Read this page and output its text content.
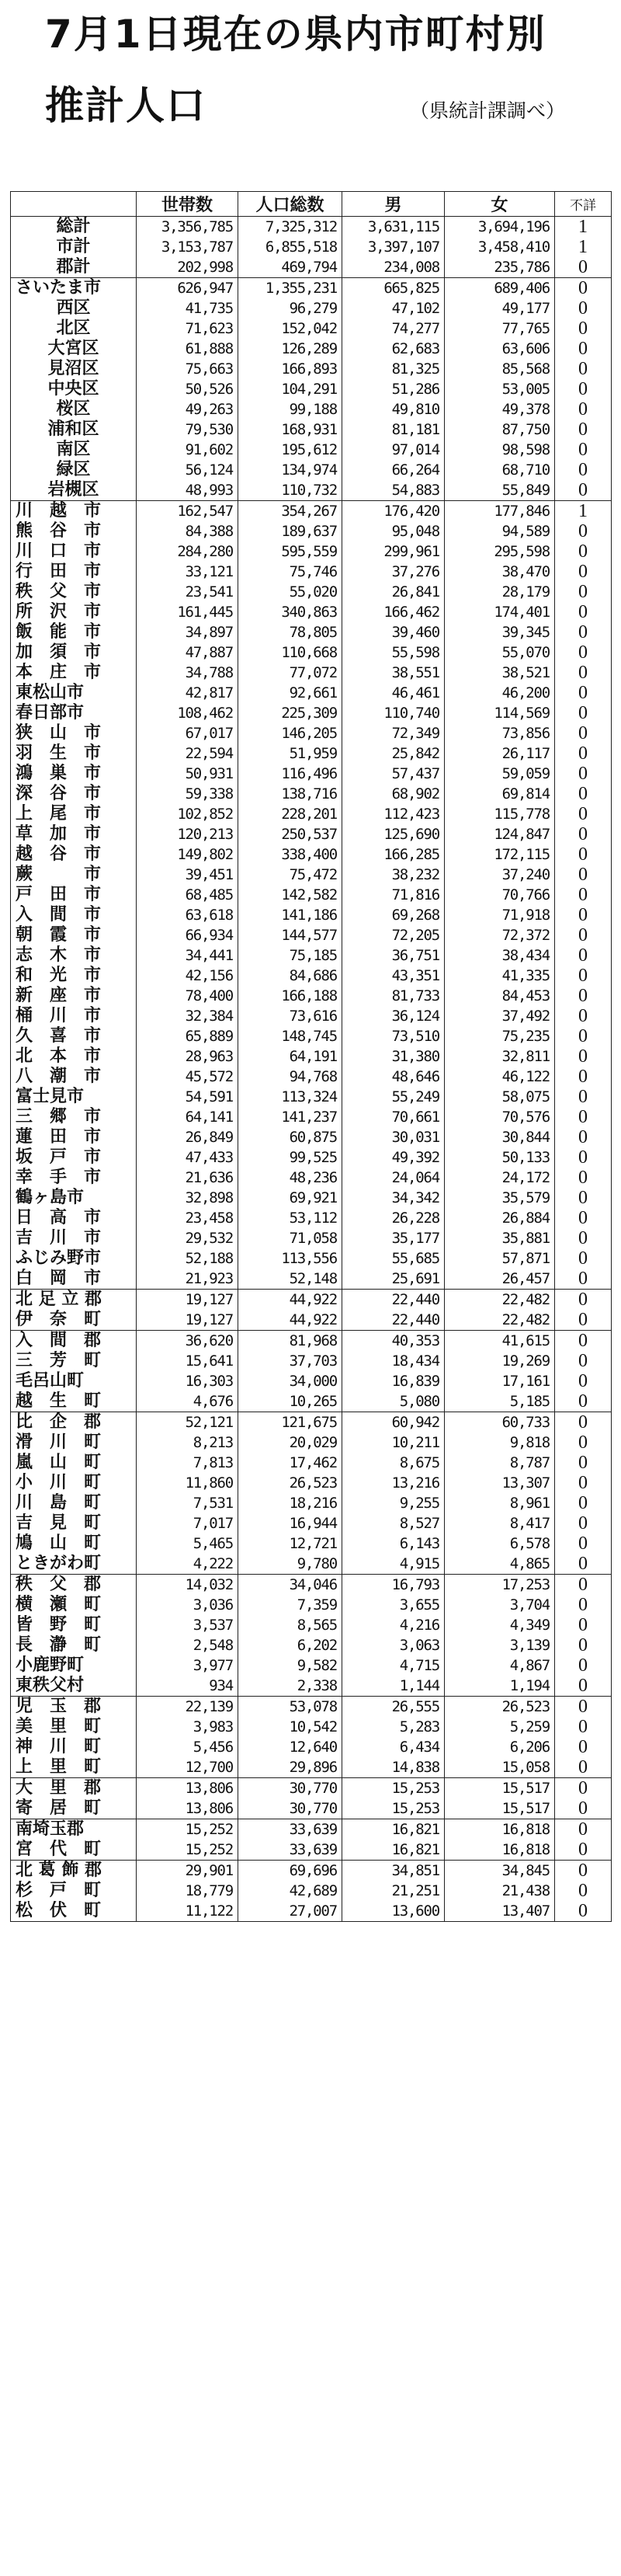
7月1日現在の県内市町村別
推計人口	（県統計課調べ）
	世帯数	人口総数	男	女	不詳
総計	3,356,785	7,325,312	3,631,115	3,694,196	1
市計	3,153,787	6,855,518	3,397,107	3,458,410	1
郡計	202,998	469,794	234,008	235,786	0
さいたま市	626,947	1,355,231	665,825	689,406	0
西区	41,735	96,279	47,102	49,177	0
北区	71,623	152,042	74,277	77,765	0
大宮区	61,888	126,289	62,683	63,606	0
見沼区	75,663	166,893	81,325	85,568	0
中央区	50,526	104,291	51,286	53,005	0
桜区	49,263	99,188	49,810	49,378	0
浦和区	79,530	168,931	81,181	87,750	0
南区	91,602	195,612	97,014	98,598	0
緑区	56,124	134,974	66,264	68,710	0
岩槻区	48,993	110,732	54,883	55,849	0
川　越　市	162,547	354,267	176,420	177,846	1
熊　谷　市	84,388	189,637	95,048	94,589	0
川　口　市	284,280	595,559	299,961	295,598	0
行　田　市	33,121	75,746	37,276	38,470	0
秩　父　市	23,541	55,020	26,841	28,179	0
所　沢　市	161,445	340,863	166,462	174,401	0
飯　能　市	34,897	78,805	39,460	39,345	0
加　須　市	47,887	110,668	55,598	55,070	0
本　庄　市	34,788	77,072	38,551	38,521	0
東松山市	42,817	92,661	46,461	46,200	0
春日部市	108,462	225,309	110,740	114,569	0
狭　山　市	67,017	146,205	72,349	73,856	0
羽　生　市	22,594	51,959	25,842	26,117	0
鴻　巣　市	50,931	116,496	57,437	59,059	0
深　谷　市	59,338	138,716	68,902	69,814	0
上　尾　市	102,852	228,201	112,423	115,778	0
草　加　市	120,213	250,537	125,690	124,847	0
越　谷　市	149,802	338,400	166,285	172,115	0
蕨　　　市	39,451	75,472	38,232	37,240	0
戸　田　市	68,485	142,582	71,816	70,766	0
入　間　市	63,618	141,186	69,268	71,918	0
朝　霞　市	66,934	144,577	72,205	72,372	0
志　木　市	34,441	75,185	36,751	38,434	0
和　光　市	42,156	84,686	43,351	41,335	0
新　座　市	78,400	166,188	81,733	84,453	0
桶　川　市	32,384	73,616	36,124	37,492	0
久　喜　市	65,889	148,745	73,510	75,235	0
北　本　市	28,963	64,191	31,380	32,811	0
八　潮　市	45,572	94,768	48,646	46,122	0
富士見市	54,591	113,324	55,249	58,075	0
三　郷　市	64,141	141,237	70,661	70,576	0
蓮　田　市	26,849	60,875	30,031	30,844	0
坂　戸　市	47,433	99,525	49,392	50,133	0
幸　手　市	21,636	48,236	24,064	24,172	0
鶴ヶ島市	32,898	69,921	34,342	35,579	0
日　高　市	23,458	53,112	26,228	26,884	0
吉　川　市	29,532	71,058	35,177	35,881	0
ふじみ野市	52,188	113,556	55,685	57,871	0
白　岡　市	21,923	52,148	25,691	26,457	0
北 足 立 郡	19,127	44,922	22,440	22,482	0
伊　奈　町	19,127	44,922	22,440	22,482	0
入　間　郡	36,620	81,968	40,353	41,615	0
三　芳　町	15,641	37,703	18,434	19,269	0
毛呂山町	16,303	34,000	16,839	17,161	0
越　生　町	4,676	10,265	5,080	5,185	0
比　企　郡	52,121	121,675	60,942	60,733	0
滑　川　町	8,213	20,029	10,211	9,818	0
嵐　山　町	7,813	17,462	8,675	8,787	0
小　川　町	11,860	26,523	13,216	13,307	0
川　島　町	7,531	18,216	9,255	8,961	0
吉　見　町	7,017	16,944	8,527	8,417	0
鳩　山　町	5,465	12,721	6,143	6,578	0
ときがわ町	4,222	9,780	4,915	4,865	0
秩　父　郡	14,032	34,046	16,793	17,253	0
横　瀬　町	3,036	7,359	3,655	3,704	0
皆　野　町	3,537	8,565	4,216	4,349	0
長　瀞　町	2,548	6,202	3,063	3,139	0
小鹿野町	3,977	9,582	4,715	4,867	0
東秩父村	934	2,338	1,144	1,194	0
児　玉　郡	22,139	53,078	26,555	26,523	0
美　里　町	3,983	10,542	5,283	5,259	0
神　川　町	5,456	12,640	6,434	6,206	0
上　里　町	12,700	29,896	14,838	15,058	0
大　里　郡	13,806	30,770	15,253	15,517	0
寄　居　町	13,806	30,770	15,253	15,517	0
南埼玉郡	15,252	33,639	16,821	16,818	0
宮　代　町	15,252	33,639	16,821	16,818	0
北 葛 飾 郡	29,901	69,696	34,851	34,845	0
杉　戸　町	18,779	42,689	21,251	21,438	0
松　伏　町	11,122	27,007	13,600	13,407	0
